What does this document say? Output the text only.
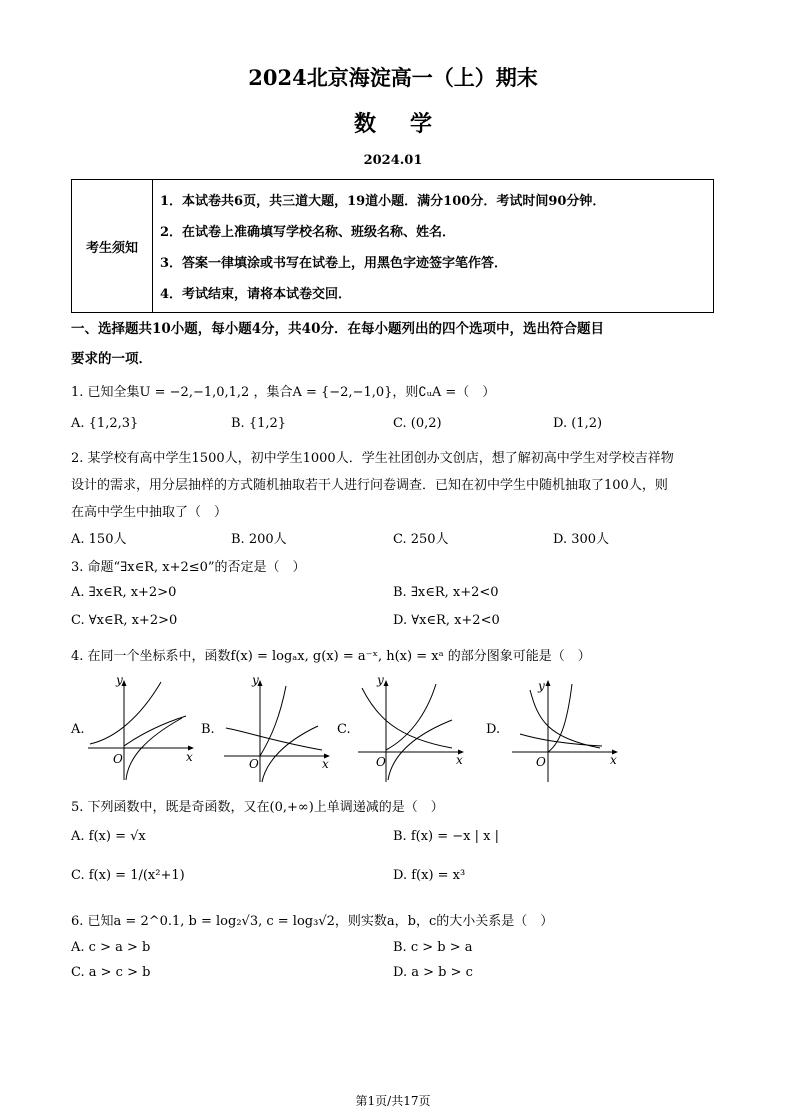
2024北京海淀高一（上）期末
数学
2024.01
考生须知
1．本试卷共6页，共三道大题，19道小题．满分100分．考试时间90分钟．
2．在试卷上准确填写学校名称、班级名称、姓名．
3．答案一律填涂或书写在试卷上，用黑色字迹签字笔作答．
4．考试结束，请将本试卷交回．
一、选择题共10小题，每小题4分，共40分．在每小题列出的四个选项中，选出符合题目
要求的一项．
1. 已知全集U = −2,−1,0,1,2 ，集合A = {−2,−1,0}，则∁ᵤA =（　）
A. {1,2,3}	B. {1,2}	C. (0,2)	D. (1,2)
2. 某学校有高中学生1500人，初中学生1000人．学生社团创办文创店，想了解初高中学生对学校吉祥物
设计的需求，用分层抽样的方式随机抽取若干人进行问卷调查．已知在初中学生中随机抽取了100人，则
在高中学生中抽取了（　）
A. 150人	B. 200人	C. 250人	D. 300人
3. 命题“∃x∈R, x+2≤0”的否定是（　）
A. ∃x∈R, x+2>0	B. ∃x∈R, x+2<0
C. ∀x∈R, x+2>0	D. ∀x∈R, x+2<0
4. 在同一个坐标系中，函数f(x) = logₐx, g(x) = a⁻ˣ, h(x) = xᵃ 的部分图象可能是（　）
A.	B.	C.	D.
y
x
O
y
x
O
y
x
O
y
x
O
5. 下列函数中，既是奇函数，又在(0,+∞)上单调递减的是（　）
A. f(x) = √x	B. f(x) = −x | x |
C. f(x) = 1/(x²+1)	D. f(x) = x³
6. 已知a = 2^0.1, b = log₂√3, c = log₃√2，则实数a，b，c的大小关系是（　）
A. c > a > b	B. c > b > a
C. a > c > b	D. a > b > c
第1页/共17页
